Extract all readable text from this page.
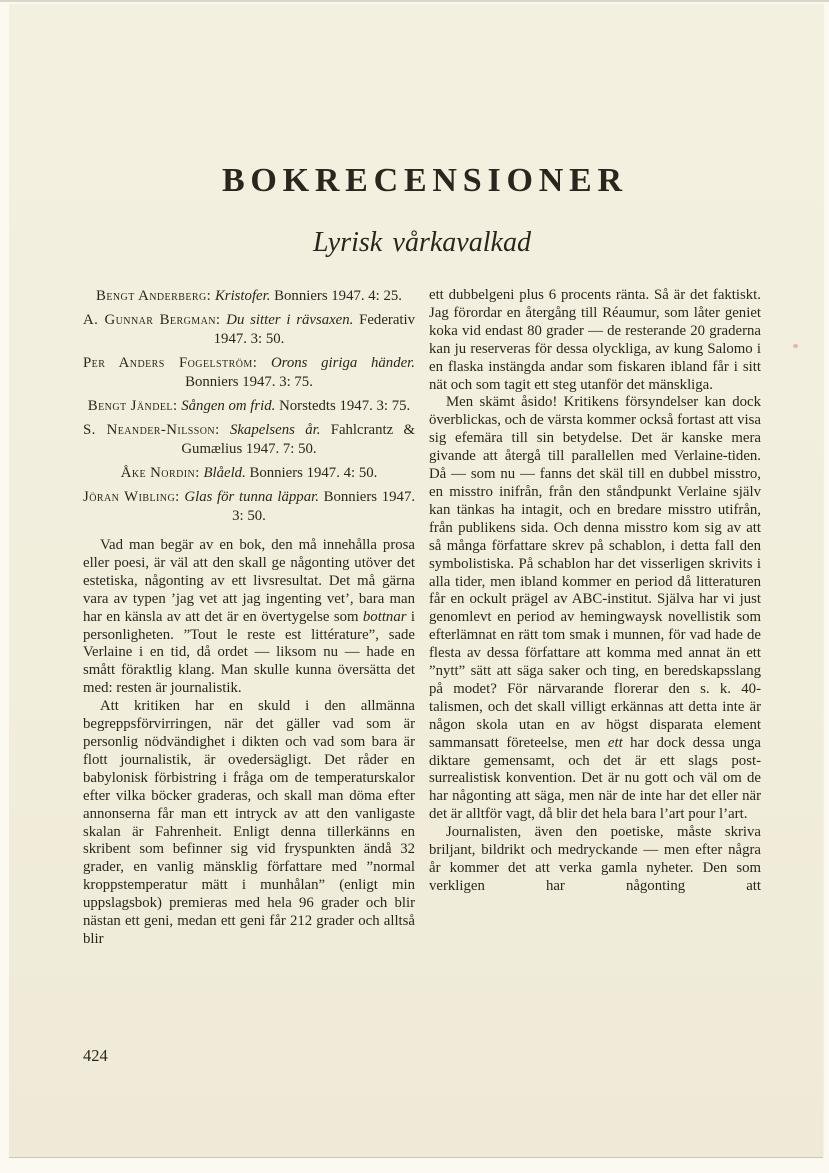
BOKRECENSIONER
Lyrisk vårkavalkad

Bengt Anderberg: Kristofer. Bonniers 1947. 4: 25.

A. Gunnar Bergman: Du sitter i rävsaxen. Federativ 1947. 3: 50.

Per Anders Fogelström: Orons giriga händer. Bonniers 1947. 3: 75.

Bengt Jändel: Sången om frid. Norstedts 1947. 3: 75.

S. Neander-Nilsson: Skapelsens år. Fahlcrantz & Gumælius 1947. 7: 50.

Åke Nordin: Blåeld. Bonniers 1947. 4: 50.

Jöran Wibling: Glas för tunna läppar. Bonniers 1947. 3: 50.

Vad man begär av en bok, den må innehålla prosa eller poesi, är väl att den skall ge någonting utöver det estetiska, någonting av ett livsresultat. Det må gärna vara av typen ’jag vet att jag ingenting vet’, bara man har en känsla av att det är en övertygelse som bottnar i personligheten. ”Tout le reste est littérature”, sade Verlaine i en tid, då ordet — liksom nu — hade en smått föraktlig klang. Man skulle kunna översätta det med: resten är journalistik.

Att kritiken har en skuld i den allmänna begreppsförvirringen, när det gäller vad som är personlig nödvändighet i dikten och vad som bara är flott journalistik, är ovedersägligt. Det råder en babylonisk förbistring i fråga om de temperaturskalor efter vilka böcker graderas, och skall man döma efter annonserna får man ett intryck av att den vanligaste skalan är Fahrenheit. Enligt denna tillerkänns en skribent som befinner sig vid fryspunkten ändå 32 grader, en vanlig mänsklig författare med ”normal kroppstemperatur mätt i munhålan” (enligt min uppslagsbok) premieras med hela 96 grader och blir nästan ett geni, medan ett geni får 212 grader och alltså blir

ett dubbelgeni plus 6 procents ränta. Så är det faktiskt. Jag förordar en återgång till Réaumur, som låter geniet koka vid endast 80 grader — de resterande 20 graderna kan ju reserveras för dessa olyckliga, av kung Salomo i en flaska instängda andar som fiskaren ibland får i sitt nät och som tagit ett steg utanför det mänskliga.

Men skämt åsido! Kritikens försyndelser kan dock överblickas, och de värsta kommer också fortast att visa sig efemära till sin betydelse. Det är kanske mera givande att återgå till parallellen med Verlaine-tiden. Då — som nu — fanns det skäl till en dubbel misstro, en misstro inifrån, från den ståndpunkt Verlaine själv kan tänkas ha intagit, och en bredare misstro utifrån, från publikens sida. Och denna misstro kom sig av att så många författare skrev på schablon, i detta fall den symbolistiska. På schablon har det visserligen skrivits i alla tider, men ibland kommer en period då litteraturen får en ockult prägel av ABC-institut. Själva har vi just genomlevt en period av hemingwaysk novellistik som efterlämnat en rätt tom smak i munnen, för vad hade de flesta av dessa författare att komma med annat än ett ”nytt” sätt att säga saker och ting, en beredskapsslang på modet? För närvarande florerar den s. k. 40-talismen, och det skall villigt erkännas att detta inte är någon skola utan en av högst disparata element sammansatt företeelse, men ett har dock dessa unga diktare gemensamt, och det är ett slags post-surrealistisk konvention. Det är nu gott och väl om de har någonting att säga, men när de inte har det eller när det är alltför vagt, då blir det hela bara l’art pour l’art.

Journalisten, även den poetiske, måste skriva briljant, bildrikt och medryckande — men efter några år kommer det att verka gamla nyheter. Den som verkligen har någonting att

424
